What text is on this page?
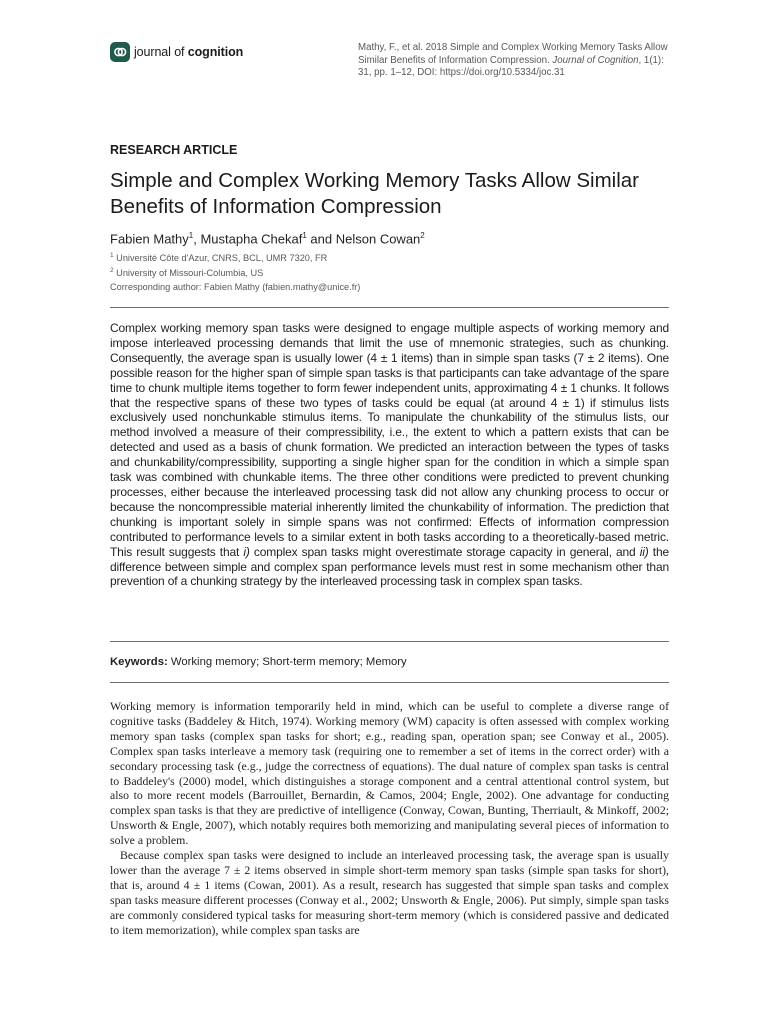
journal of cognition	Mathy, F., et al. 2018 Simple and Complex Working Memory Tasks Allow Similar Benefits of Information Compression. Journal of Cognition, 1(1): 31, pp. 1–12, DOI: https://doi.org/10.5334/joc.31
RESEARCH ARTICLE
Simple and Complex Working Memory Tasks Allow Similar Benefits of Information Compression
Fabien Mathy$^1$, Mustapha Chekaf$^1$ and Nelson Cowan$^2$
$^1$ Université Côte d'Azur, CNRS, BCL, UMR 7320, FR
$^2$ University of Missouri-Columbia, US
Corresponding author: Fabien Mathy (fabien.mathy@unice.fr)

Complex working memory span tasks were designed to engage multiple aspects of working memory and impose interleaved processing demands that limit the use of mnemonic strategies, such as chunking. Consequently, the average span is usually lower (4 ± 1 items) than in simple span tasks (7 ± 2 items). One possible reason for the higher span of simple span tasks is that participants can take advantage of the spare time to chunk multiple items together to form fewer independent units, approximating 4 ± 1 chunks. It follows that the respective spans of these two types of tasks could be equal (at around 4 ± 1) if stimulus lists exclusively used nonchunkable stimulus items. To manipulate the chunkability of the stimulus lists, our method involved a measure of their compressibility, i.e., the extent to which a pattern exists that can be detected and used as a basis of chunk formation. We predicted an interaction between the types of tasks and chunkability/compressibility, supporting a single higher span for the condition in which a simple span task was combined with chunkable items. The three other conditions were predicted to prevent chunking processes, either because the interleaved processing task did not allow any chunking process to occur or because the noncompressible material inherently limited the chunkability of information. The prediction that chunking is important solely in simple spans was not confirmed: Effects of information compression contributed to performance levels to a similar extent in both tasks according to a theoretically-based metric. This result suggests that i) complex span tasks might overestimate storage capacity in general, and ii) the difference between simple and complex span performance levels must rest in some mechanism other than prevention of a chunking strategy by the interleaved processing task in complex span tasks.

Keywords: Working memory; Short-term memory; Memory

Working memory is information temporarily held in mind, which can be useful to complete a diverse range of cognitive tasks (Baddeley & Hitch, 1974). Working memory (WM) capacity is often assessed with complex working memory span tasks (complex span tasks for short; e.g., reading span, operation span; see Conway et al., 2005). Complex span tasks interleave a memory task (requiring one to remember a set of items in the correct order) with a secondary processing task (e.g., judge the correctness of equations). The dual nature of complex span tasks is central to Baddeley's (2000) model, which distinguishes a storage component and a central attentional control system, but also to more recent models (Barrouillet, Bernardin, & Camos, 2004; Engle, 2002). One advantage for conducting complex span tasks is that they are predictive of intelligence (Conway, Cowan, Bunting, Therriault, & Minkoff, 2002; Unsworth & Engle, 2007), which notably requires both memorizing and manipulating several pieces of information to solve a problem.

Because complex span tasks were designed to include an interleaved processing task, the average span is usually lower than the average 7 ± 2 items observed in simple short-term memory span tasks (simple span tasks for short), that is, around 4 ± 1 items (Cowan, 2001). As a result, research has suggested that simple span tasks and complex span tasks measure different processes (Conway et al., 2002; Unsworth & Engle, 2006). Put simply, simple span tasks are commonly considered typical tasks for measuring short-term memory (which is considered passive and dedicated to item memorization), while complex span tasks are
